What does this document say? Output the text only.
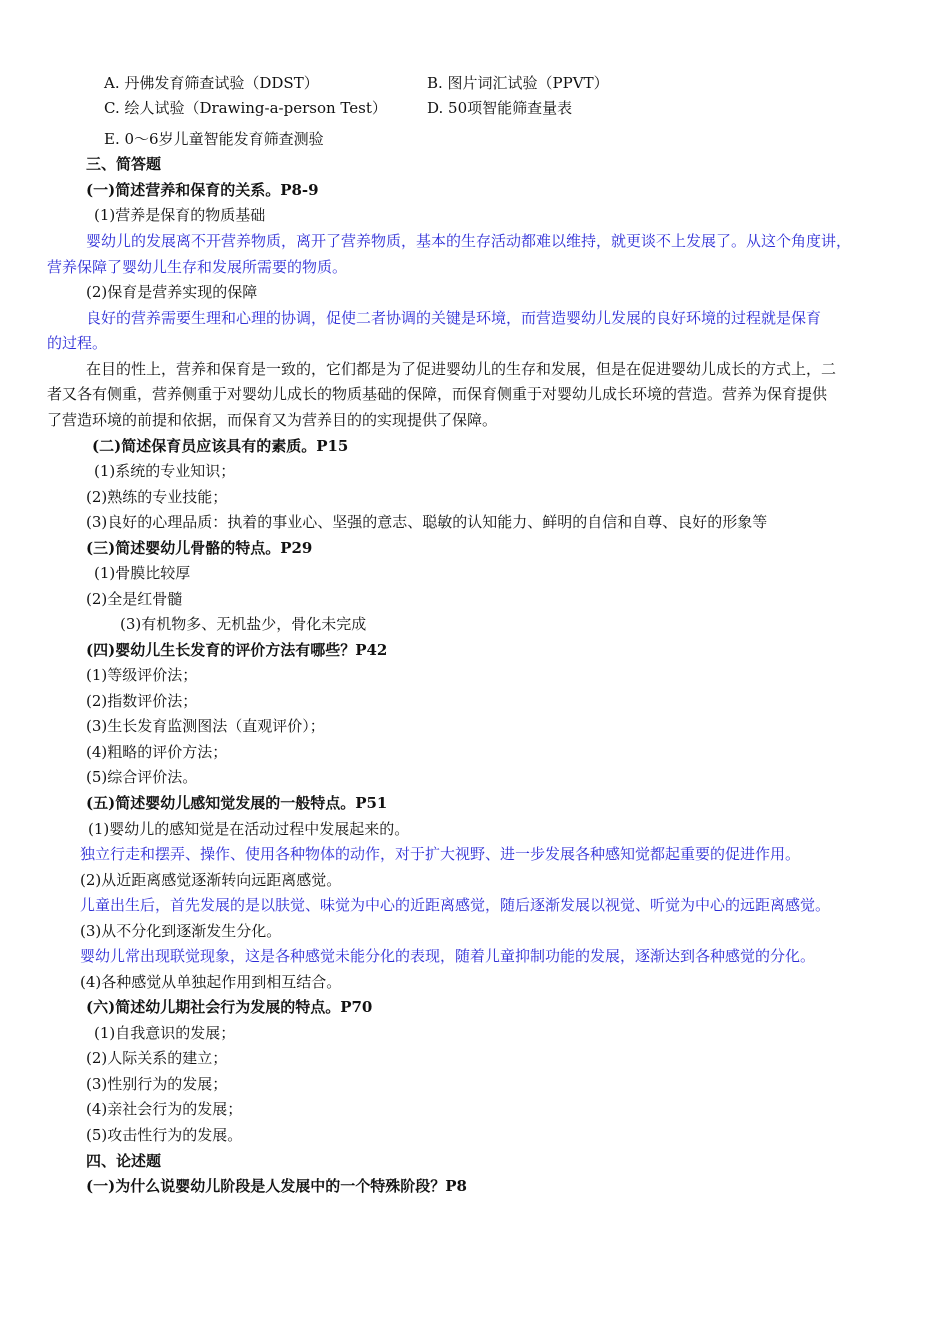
A. 丹佛发育筛查试验（DDST）	B. 图片词汇试验（PPVT）
C. 绘人试验（Drawing-a-person Test）	D. 50项智能筛查量表
E. 0～6岁儿童智能发育筛查测验
三、简答题
(一)简述营养和保育的关系。P8-9
(1)营养是保育的物质基础
婴幼儿的发展离不开营养物质，离开了营养物质，基本的生存活动都难以维持，就更谈不上发展了。从这个角度讲，
营养保障了婴幼儿生存和发展所需要的物质。
(2)保育是营养实现的保障
良好的营养需要生理和心理的协调，促使二者协调的关键是环境，而营造婴幼儿发展的良好环境的过程就是保育
的过程。
在目的性上，营养和保育是一致的，它们都是为了促进婴幼儿的生存和发展，但是在促进婴幼儿成长的方式上，二
者又各有侧重，营养侧重于对婴幼儿成长的物质基础的保障，而保育侧重于对婴幼儿成长环境的营造。营养为保育提供
了营造环境的前提和依据，而保育又为营养目的的实现提供了保障。
(二)简述保育员应该具有的素质。P15
(1)系统的专业知识；
(2)熟练的专业技能；
(3)良好的心理品质：执着的事业心、坚强的意志、聪敏的认知能力、鲜明的自信和自尊、良好的形象等
(三)简述婴幼儿骨骼的特点。P29
(1)骨膜比较厚
(2)全是红骨髓
(3)有机物多、无机盐少，骨化未完成
(四)婴幼儿生长发育的评价方法有哪些？P42
(1)等级评价法；
(2)指数评价法；
(3)生长发育监测图法（直观评价）；
(4)粗略的评价方法；
(5)综合评价法。
(五)简述婴幼儿感知觉发展的一般特点。P51
(1)婴幼儿的感知觉是在活动过程中发展起来的。
独立行走和摆弄、操作、使用各种物体的动作，对于扩大视野、进一步发展各种感知觉都起重要的促进作用。
(2)从近距离感觉逐渐转向远距离感觉。
儿童出生后，首先发展的是以肤觉、味觉为中心的近距离感觉，随后逐渐发展以视觉、听觉为中心的远距离感觉。
(3)从不分化到逐渐发生分化。
婴幼儿常出现联觉现象，这是各种感觉未能分化的表现，随着儿童抑制功能的发展，逐渐达到各种感觉的分化。
(4)各种感觉从单独起作用到相互结合。
(六)简述幼儿期社会行为发展的特点。P70
(1)自我意识的发展；
(2)人际关系的建立；
(3)性别行为的发展；
(4)亲社会行为的发展；
(5)攻击性行为的发展。
四、论述题
(一)为什么说婴幼儿阶段是人发展中的一个特殊阶段？P8
